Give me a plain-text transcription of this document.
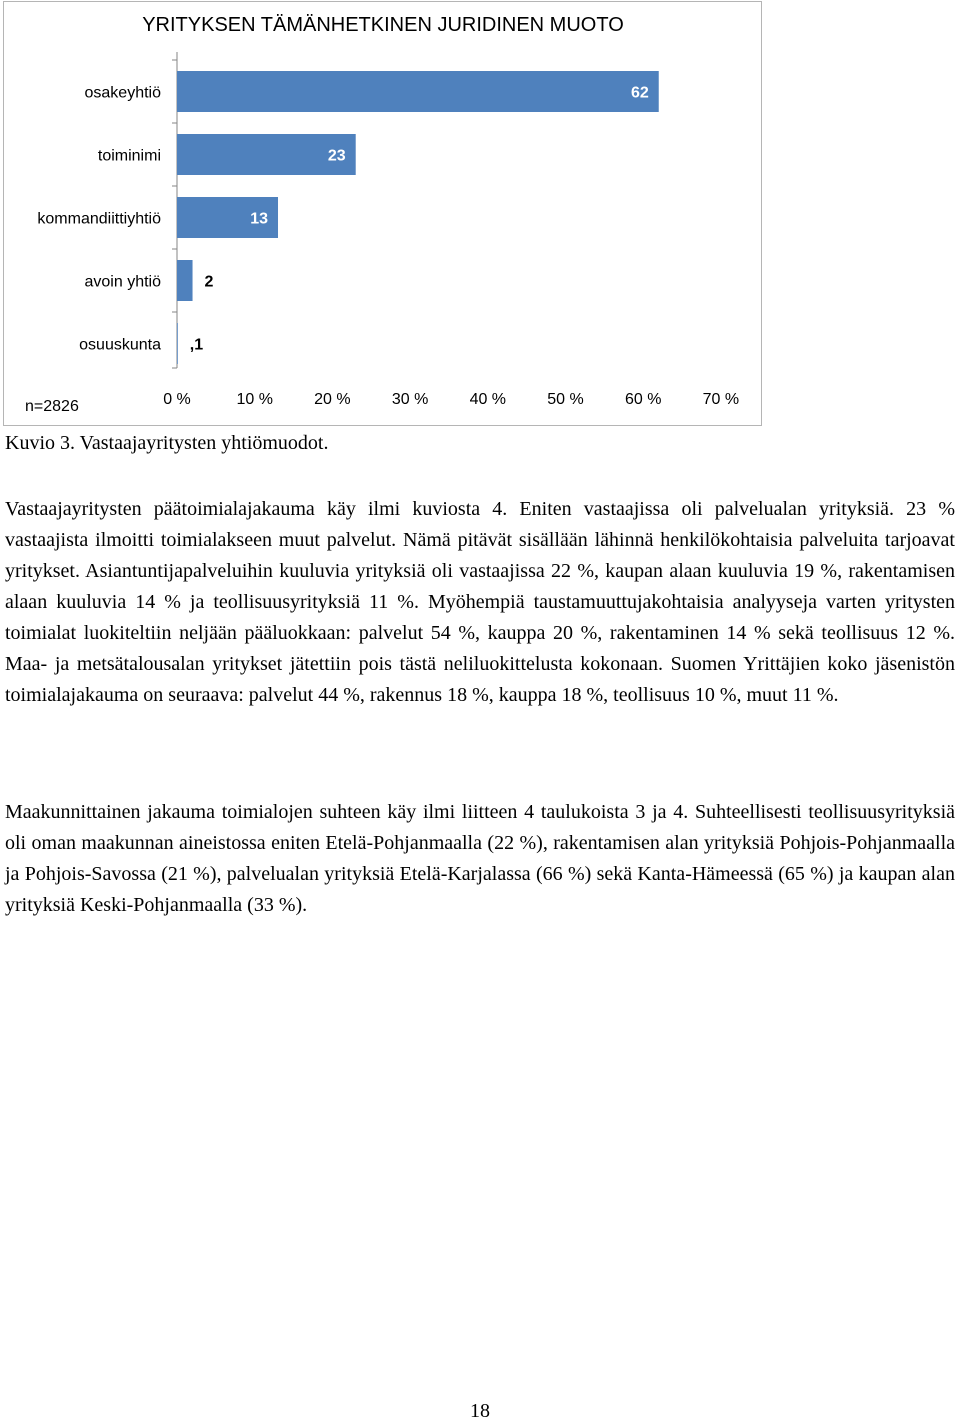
YRITYKSEN TÄMÄNHETKINEN JURIDINEN MUOTO
osakeyhtiö	62
toiminimi	23
kommandiittiyhtiö	13
avoin yhtiö	2
osuuskunta ,1
0 %	10 %	20 %	30 %	40 %	50 %	60 %	70 %
n=2826

Kuvio 3. Vastaajayritysten yhtiömuodot.

Vastaajayritysten päätoimialajakauma käy ilmi kuviosta 4. Eniten vastaajissa oli palvelualan yrityksiä. 23 % vastaajista ilmoitti toimialakseen muut palvelut. Nämä pitävät sisällään lähinnä henkilökohtaisia palveluita tarjoavat yritykset. Asiantuntijapalveluihin kuuluvia yrityksiä oli vastaajissa 22 %, kaupan alaan kuuluvia 19 %, rakentamisen alaan kuuluvia 14 % ja teollisuusyrityksiä 11 %. Myöhempiä taustamuuttujakohtaisia analyyseja varten yritysten toimialat luokiteltiin neljään pääluokkaan: palvelut 54 %, kauppa 20 %, rakentaminen 14 % sekä teollisuus 12 %. Maa- ja metsätalousalan yritykset jätettiin pois tästä neliluokittelusta kokonaan. Suomen Yrittäjien koko jäsenistön toimialajakauma on seuraava: palvelut 44 %, rakennus 18 %, kauppa 18 %, teollisuus 10 %, muut 11 %.

Maakunnittainen jakauma toimialojen suhteen käy ilmi liitteen 4 taulukoista 3 ja 4. Suhteellisesti teollisuusyrityksiä oli oman maakunnan aineistossa eniten Etelä-Pohjanmaalla (22 %), rakentamisen alan yrityksiä Pohjois-Pohjanmaalla ja Pohjois-Savossa (21 %), palvelualan yrityksiä Etelä-Karjalassa (66 %) sekä Kanta-Hämeessä (65 %) ja kaupan alan yrityksiä Keski-Pohjanmaalla (33 %).

18
